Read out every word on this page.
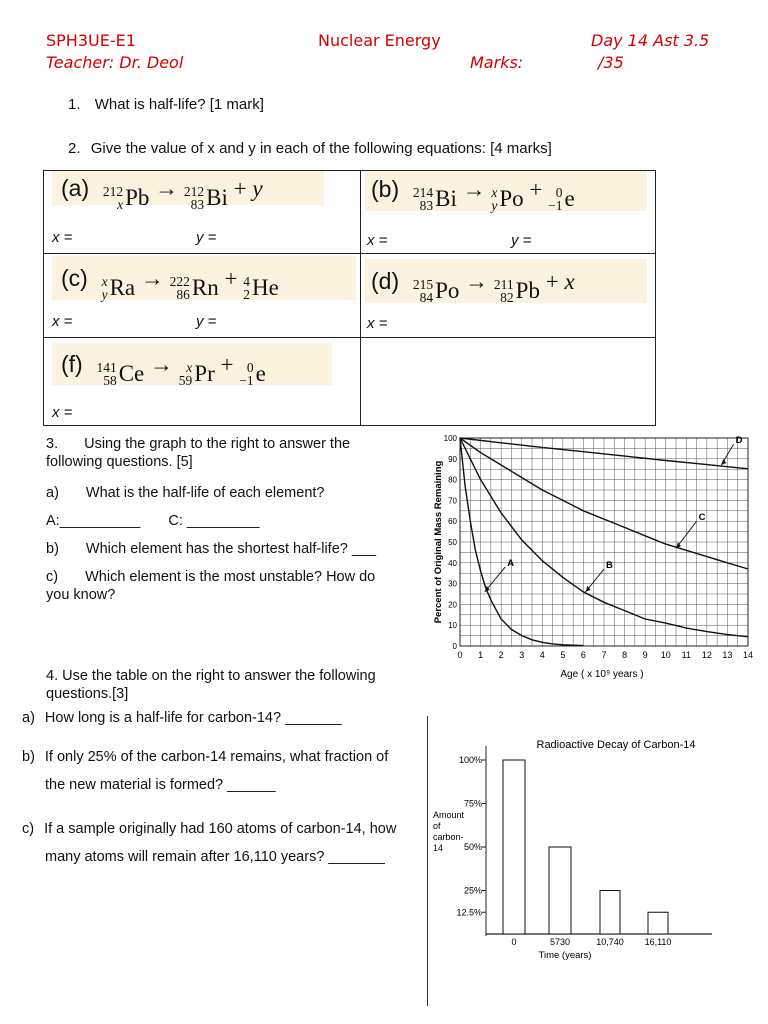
SPH3UE-E1	Nuclear Energy	Day 14 Ast 3.5
Teacher: Dr. Deol	Marks:	/35
1. What is half-life? [1 mark]
2. Give the value of x and y in each of the following equations: [4 marks]
(a) 212
x Pb → 212
83 Bi + y
x =	y =
(b) 214
83 Bi → x
y Po + 0
−1 e
x =	y =
(c) x
y Ra → 222
86 Rn + 4
2 He
x =	y =
(d) 215
84 Po → 211
82 Pb + x
x =
(f) 141
58 Ce → x
59 Pr + 0
−1 e
x =
3. Using the graph to the right to answer the
following questions. [5]
a) What is the half-life of each element?
A:__________ C: _________
b) Which element has the shortest half-life? ___
c) Which element is the most unstable? How do
you know?
0 1 2 3 4 5 6 7 8 9 10 11 12 13 14
0
10
20
30
40
50
60
70
80
90
100
A	B
C
D
Percent of Original Mass Remaining
Age ( x 10⁹ years )
4. Use the table on the right to answer the following
questions.[3]
a) How long is a half-life for carbon-14? _______
b) If only 25% of the carbon-14 remains, what fraction of
the new material is formed? ______
c) If a sample originally had 160 atoms of carbon-14, how
many atoms will remain after 16,110 years? _______
Radioactive Decay of Carbon-14
Amount
of
carbon-
14
100%
75%
50%
25%
12.5%
0	5730	10,740 16,110
Time (years)
